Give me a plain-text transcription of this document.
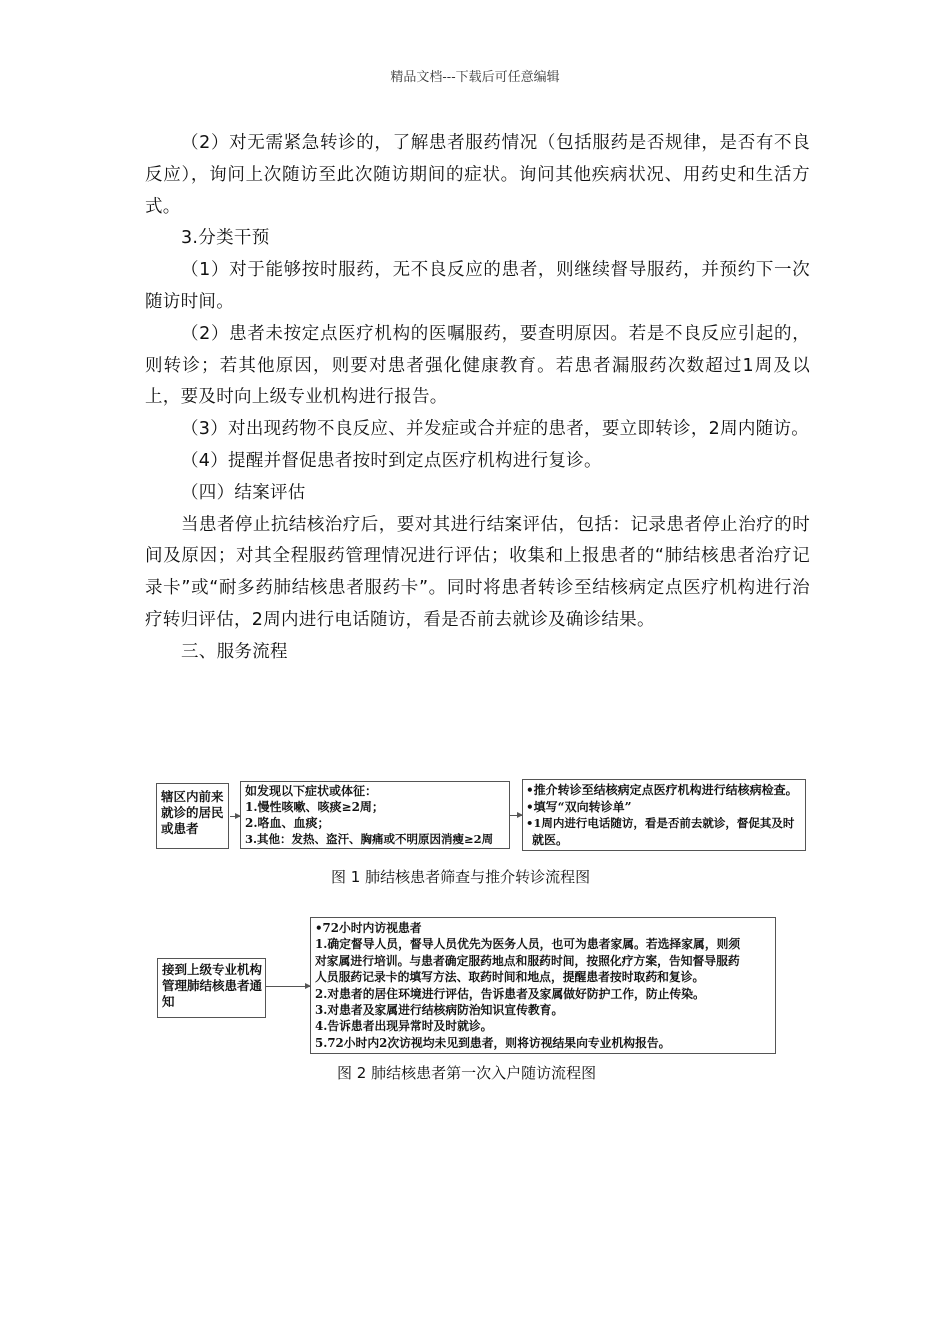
精品文档---下载后可任意编辑

（2）对无需紧急转诊的，了解患者服药情况（包括服药是否规律，是否有不良反应），询问上次随访至此次随访期间的症状。询问其他疾病状况、用药史和生活方式。

3.分类干预

（1）对于能够按时服药，无不良反应的患者，则继续督导服药，并预约下一次随访时间。

（2）患者未按定点医疗机构的医嘱服药，要查明原因。若是不良反应引起的，则转诊；若其他原因，则要对患者强化健康教育。若患者漏服药次数超过1周及以上，要及时向上级专业机构进行报告。

（3）对出现药物不良反应、并发症或合并症的患者，要立即转诊，2周内随访。

（4）提醒并督促患者按时到定点医疗机构进行复诊。

（四）结案评估

当患者停止抗结核治疗后，要对其进行结案评估，包括：记录患者停止治疗的时间及原因；对其全程服药管理情况进行评估；收集和上报患者的“肺结核患者治疗记录卡”或“耐多药肺结核患者服药卡”。同时将患者转诊至结核病定点医疗机构进行治疗转归评估，2周内进行电话随访，看是否前去就诊及确诊结果。

三、服务流程

辖区内前来
就诊的居民
或患者
如发现以下症状或体征：
1.慢性咳嗽、咳痰≥2周；
2.咯血、血痰；
3.其他：发热、盗汗、胸痛或不明原因消瘦≥2周
•推介转诊至结核病定点医疗机构进行结核病检查。
•填写“双向转诊单”
•1周内进行电话随访，看是否前去就诊，督促其及时
就医。
图 1 肺结核患者筛查与推介转诊流程图
接到上级专业机构
管理肺结核患者通
知
•72小时内访视患者
1.确定督导人员，督导人员优先为医务人员，也可为患者家属。若选择家属，则须
对家属进行培训。与患者确定服药地点和服药时间，按照化疗方案，告知督导服药
人员服药记录卡的填写方法、取药时间和地点，提醒患者按时取药和复诊。
2.对患者的居住环境进行评估，告诉患者及家属做好防护工作，防止传染。
3.对患者及家属进行结核病防治知识宣传教育。
4.告诉患者出现异常时及时就诊。
5.72小时内2次访视均未见到患者，则将访视结果向专业机构报告。
图 2 肺结核患者第一次入户随访流程图
